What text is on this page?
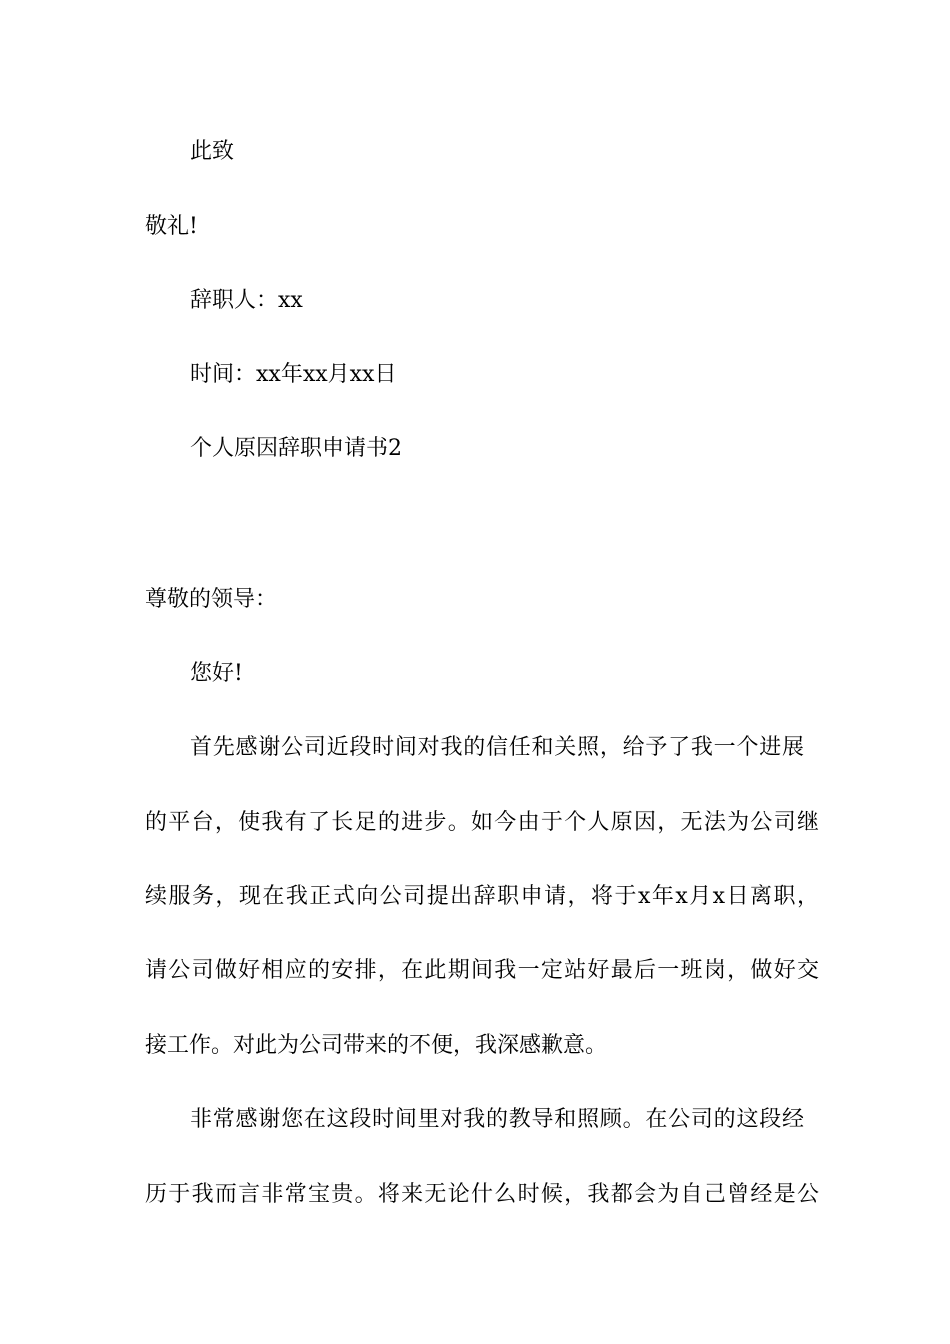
此致
敬礼!
辞职人：xx
时间：xx年xx月xx日
个人原因辞职申请书2
尊敬的领导：
您好!
首先感谢公司近段时间对我的信任和关照，给予了我一个进展
的平台，使我有了长足的进步。如今由于个人原因，无法为公司继
续服务，现在我正式向公司提出辞职申请，将于x年x月x日离职，
请公司做好相应的安排，在此期间我一定站好最后一班岗，做好交
接工作。对此为公司带来的不便，我深感歉意。
非常感谢您在这段时间里对我的教导和照顾。在公司的这段经
历于我而言非常宝贵。将来无论什么时候，我都会为自己曾经是公
